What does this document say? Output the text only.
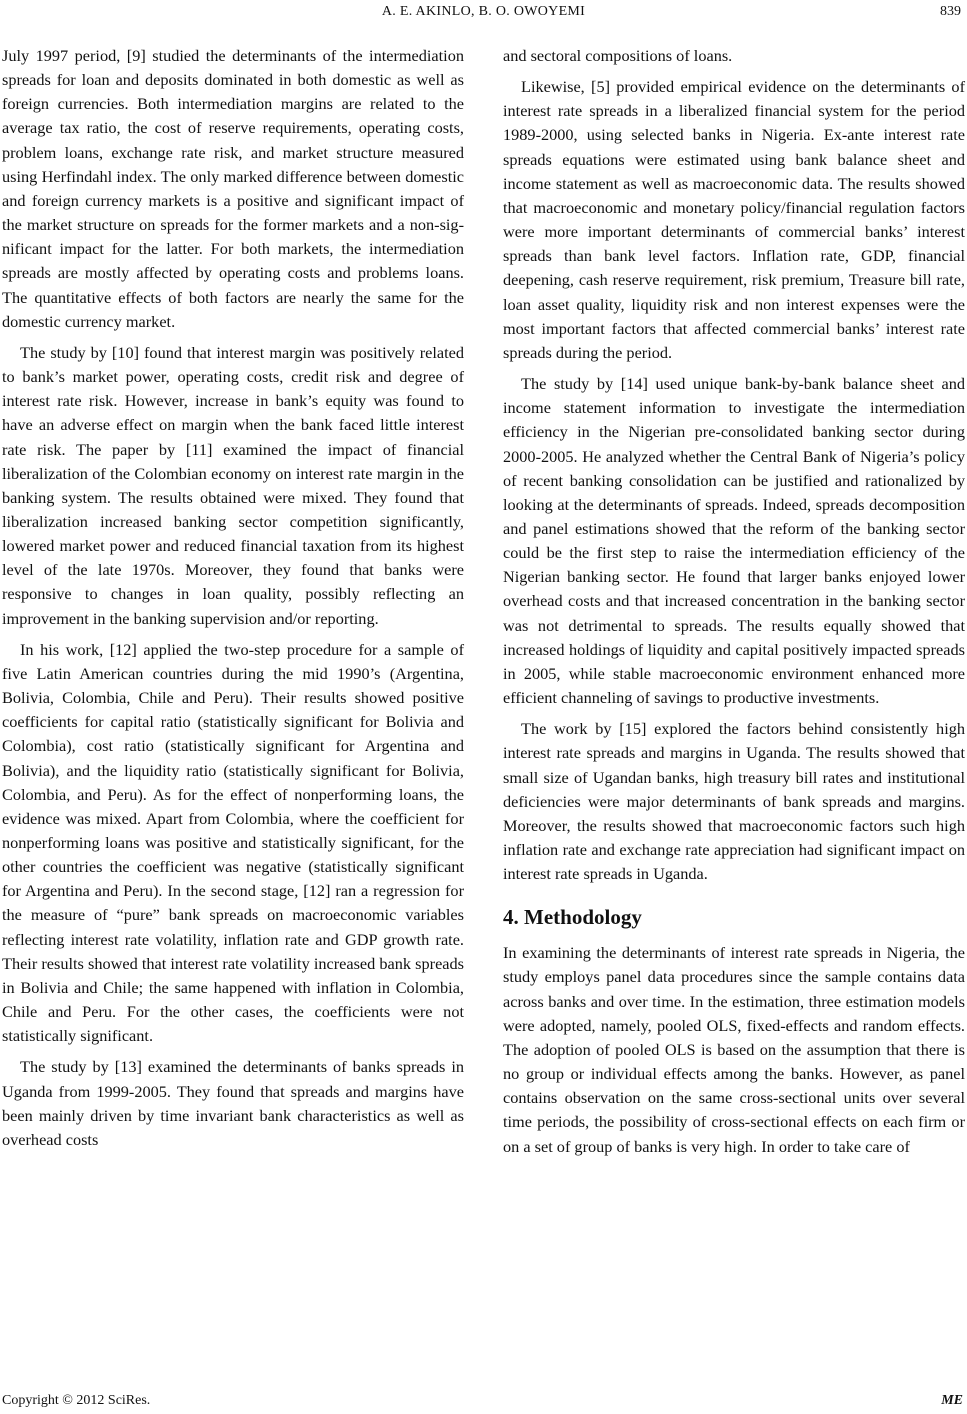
A. E. AKINLO, B. O. OWOYEMI	839

July 1997 period, [9] studied the determinants of the intermediation spreads for loan and deposits dominated in both domestic as well as foreign currencies. Both intermediation margins are related to the average tax ratio, the cost of reserve requirements, operating costs, problem loans, exchange rate risk, and market structure measured using Herfindahl index. The only marked difference between domestic and foreign currency markets is a positive and significant impact of the market structure on spreads for the former markets and a non-significant impact for the latter. For both markets, the intermediation spreads are mostly affected by operating costs and problems loans. The quantitative effects of both factors are nearly the same for the domestic currency market.

The study by [10] found that interest margin was positively related to bank’s market power, operating costs, credit risk and degree of interest rate risk. However, increase in bank’s equity was found to have an adverse effect on margin when the bank faced little interest rate risk. The paper by [11] examined the impact of financial liberalization of the Colombian economy on interest rate margin in the banking system. The results obtained were mixed. They found that liberalization increased banking sector competition significantly, lowered market power and reduced financial taxation from its highest level of the late 1970s. Moreover, they found that banks were responsive to changes in loan quality, possibly reflecting an improvement in the banking supervision and/or reporting.

In his work, [12] applied the two-step procedure for a sample of five Latin American countries during the mid 1990’s (Argentina, Bolivia, Colombia, Chile and Peru). Their results showed positive coefficients for capital ratio (statistically significant for Bolivia and Colombia), cost ratio (statistically significant for Argentina and Bolivia), and the liquidity ratio (statistically significant for Bolivia, Colombia, and Peru). As for the effect of nonperforming loans, the evidence was mixed. Apart from Colombia, where the coefficient for nonperforming loans was positive and statistically significant, for the other countries the coefficient was negative (statistically significant for Argentina and Peru). In the second stage, [12] ran a regression for the measure of “pure” bank spreads on macroeconomic variables reflecting interest rate volatility, inflation rate and GDP growth rate. Their results showed that interest rate volatility increased bank spreads in Bolivia and Chile; the same happened with inflation in Colombia, Chile and Peru. For the other cases, the coefficients were not statistically significant.

The study by [13] examined the determinants of banks spreads in Uganda from 1999-2005. They found that spreads and margins have been mainly driven by time invariant bank characteristics as well as overhead costs

and sectoral compositions of loans.

Likewise, [5] provided empirical evidence on the determinants of interest rate spreads in a liberalized financial system for the period 1989-2000, using selected banks in Nigeria. Ex-ante interest rate spreads equations were estimated using bank balance sheet and income statement as well as macroeconomic data. The results showed that macroeconomic and monetary policy/financial regulation factors were more important determinants of commercial banks’ interest spreads than bank level factors. Inflation rate, GDP, financial deepening, cash reserve requirement, risk premium, Treasure bill rate, loan asset quality, liquidity risk and non interest expenses were the most important factors that affected commercial banks’ interest rate spreads during the period.

The study by [14] used unique bank-by-bank balance sheet and income statement information to investigate the intermediation efficiency in the Nigerian pre-consolidated banking sector during 2000-2005. He analyzed whether the Central Bank of Nigeria’s policy of recent banking consolidation can be justified and rationalized by looking at the determinants of spreads. Indeed, spreads decomposition and panel estimations showed that the reform of the banking sector could be the first step to raise the intermediation efficiency of the Nigerian banking sector. He found that larger banks enjoyed lower overhead costs and that increased concentration in the banking sector was not detrimental to spreads. The results equally showed that increased holdings of liquidity and capital positively impacted spreads in 2005, while stable macroeconomic environment enhanced more efficient channeling of savings to productive investments.

The work by [15] explored the factors behind consistently high interest rate spreads and margins in Uganda. The results showed that small size of Ugandan banks, high treasury bill rates and institutional deficiencies were major determinants of bank spreads and margins. Moreover, the results showed that macroeconomic factors such high inflation rate and exchange rate appreciation had significant impact on interest rate spreads in Uganda.

4. Methodology

In examining the determinants of interest rate spreads in Nigeria, the study employs panel data procedures since the sample contains data across banks and over time. In the estimation, three estimation models were adopted, namely, pooled OLS, fixed-effects and random effects. The adoption of pooled OLS is based on the assumption that there is no group or individual effects among the banks. However, as panel contains observation on the same cross-sectional units over several time periods, the possibility of cross-sectional effects on each firm or on a set of group of banks is very high. In order to take care of

Copyright © 2012 SciRes.	ME
